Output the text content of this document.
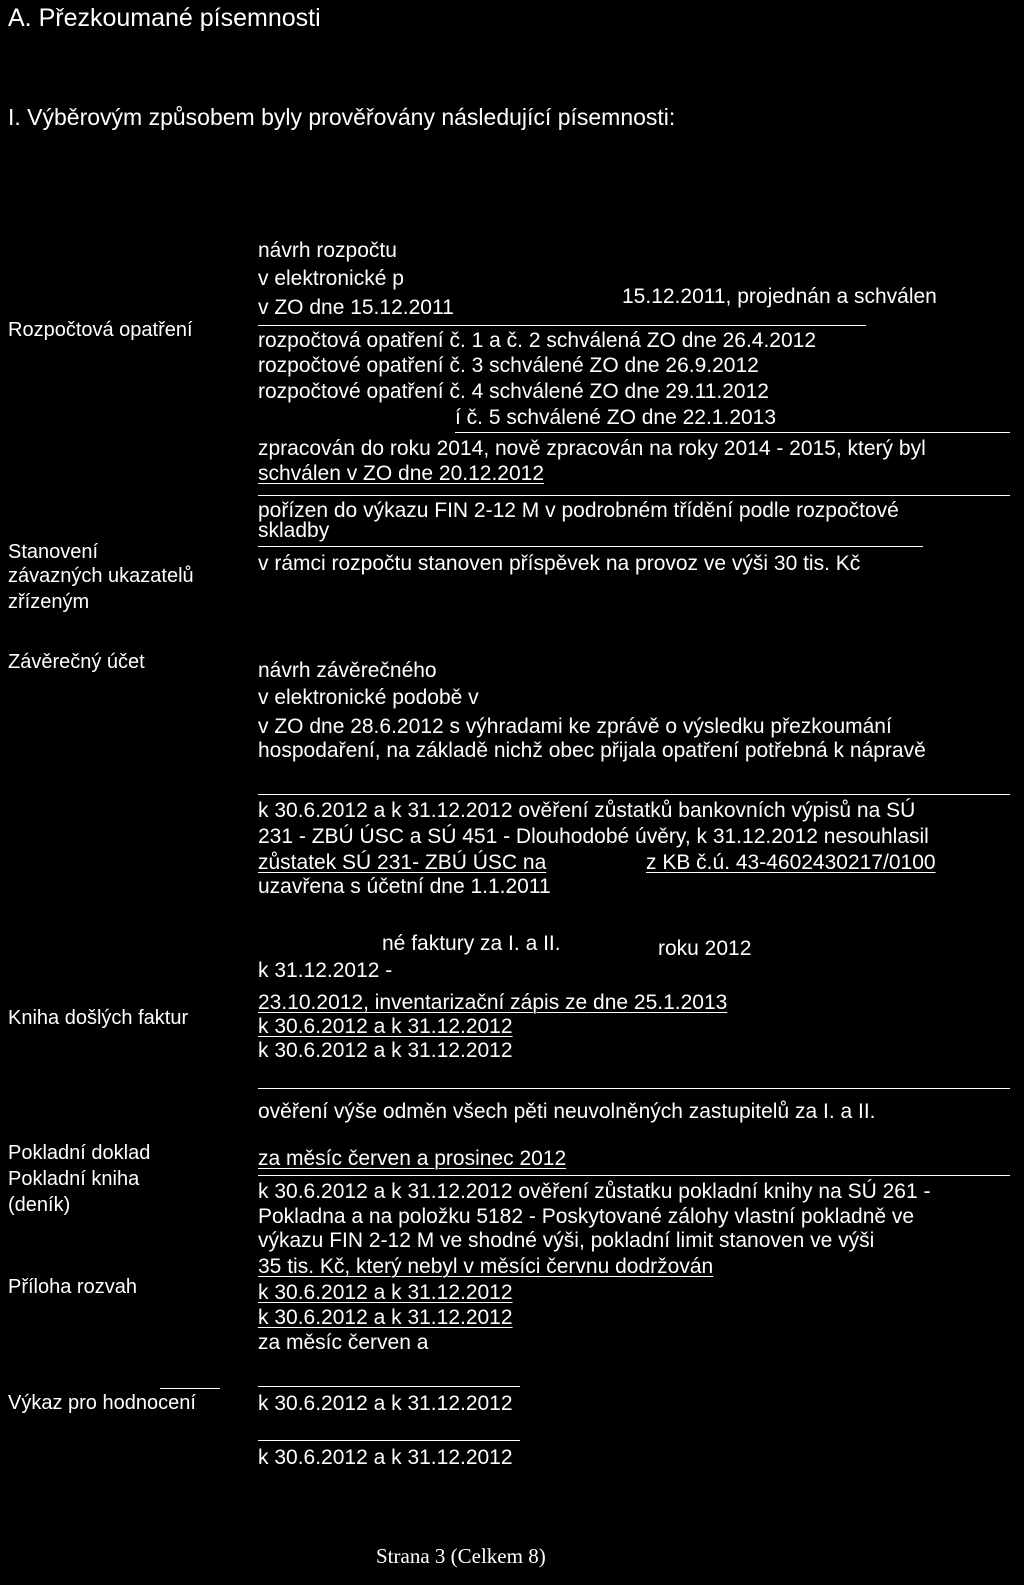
A. Přezkoumané písemnosti
I. Výběrovým způsobem byly prověřovány následující písemnosti:
Rozpočtová opatření
Stanovení
závazných ukazatelů
zřízeným
Závěrečný účet
Kniha došlých faktur
Pokladní doklad
Pokladní kniha
(deník)
Příloha rozvah
Výkaz pro hodnocení
návrh rozpočtu
v elektronické p
15.12.2011, projednán a schválen
v ZO dne 15.12.2011
rozpočtová opatření č. 1 a č. 2 schválená ZO dne 26.4.2012
rozpočtové opatření č. 3 schválené ZO dne 26.9.2012
rozpočtové opatření č. 4 schválené ZO dne 29.11.2012
í č. 5 schválené ZO dne 22.1.2013
zpracován do roku 2014, nově zpracován na roky 2014 - 2015, který byl
schválen v ZO dne 20.12.2012
pořízen do výkazu FIN 2-12 M v podrobném třídění podle rozpočtové
skladby
v rámci rozpočtu stanoven příspěvek na provoz ve výši 30 tis. Kč
návrh závěrečného
v elektronické podobě v
v ZO dne 28.6.2012 s výhradami ke zprávě o výsledku přezkoumání
hospodaření, na základě nichž obec přijala opatření potřebná k nápravě
k 30.6.2012 a k 31.12.2012 ověření zůstatků bankovních výpisů na SÚ
231 - ZBÚ ÚSC a SÚ 451 - Dlouhodobé úvěry, k 31.12.2012 nesouhlasil
zůstatek SÚ 231- ZBÚ ÚSC na	z KB č.ú. 43-4602430217/0100
uzavřena s účetní dne 1.1.2011
né faktury za I. a II.	roku 2012
k 31.12.2012 -
23.10.2012, inventarizační zápis ze dne 25.1.2013
k 30.6.2012 a k 31.12.2012
k 30.6.2012 a k 31.12.2012
ověření výše odměn všech pěti neuvolněných zastupitelů za I. a II.
za měsíc červen a prosinec 2012
k 30.6.2012 a k 31.12.2012 ověření zůstatku pokladní knihy na SÚ 261 -
Pokladna a na položku 5182 - Poskytované zálohy vlastní pokladně ve
výkazu FIN 2-12 M ve shodné výši, pokladní limit stanoven ve výši
35 tis. Kč, který nebyl v měsíci červnu dodržován
k 30.6.2012 a k 31.12.2012
k 30.6.2012 a k 31.12.2012
za měsíc červen a
k 30.6.2012 a k 31.12.2012
k 30.6.2012 a k 31.12.2012
Strana 3 (Celkem 8)
